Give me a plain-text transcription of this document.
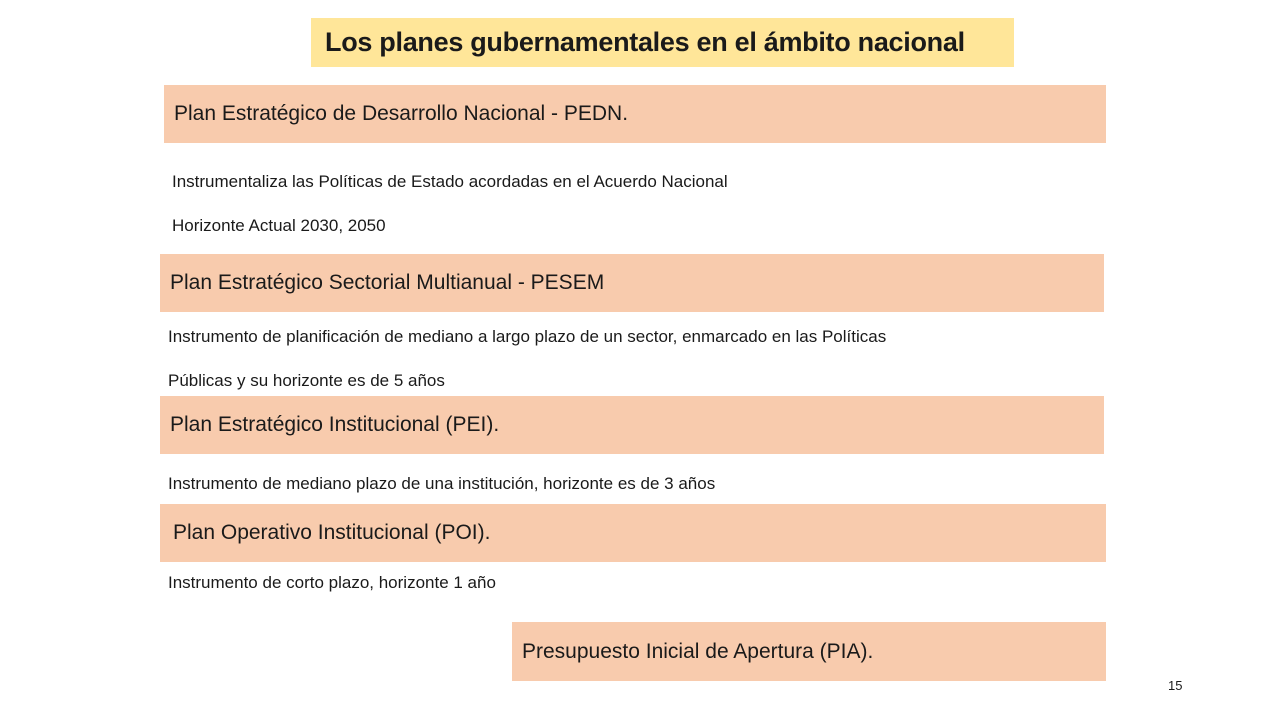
Los planes gubernamentales en el ámbito nacional
Plan Estratégico de Desarrollo Nacional - PEDN.
Instrumentaliza las Políticas de Estado acordadas en el Acuerdo Nacional
Horizonte Actual 2030, 2050
Plan Estratégico Sectorial Multianual - PESEM
Instrumento de planificación de mediano a largo plazo de un sector, enmarcado en las Políticas
Públicas y su horizonte es de 5 años
Plan Estratégico Institucional (PEI).
Instrumento de mediano plazo de una institución, horizonte es de 3 años
Plan Operativo Institucional (POI).
Instrumento de corto plazo, horizonte 1 año
Presupuesto Inicial de Apertura (PIA).
15
